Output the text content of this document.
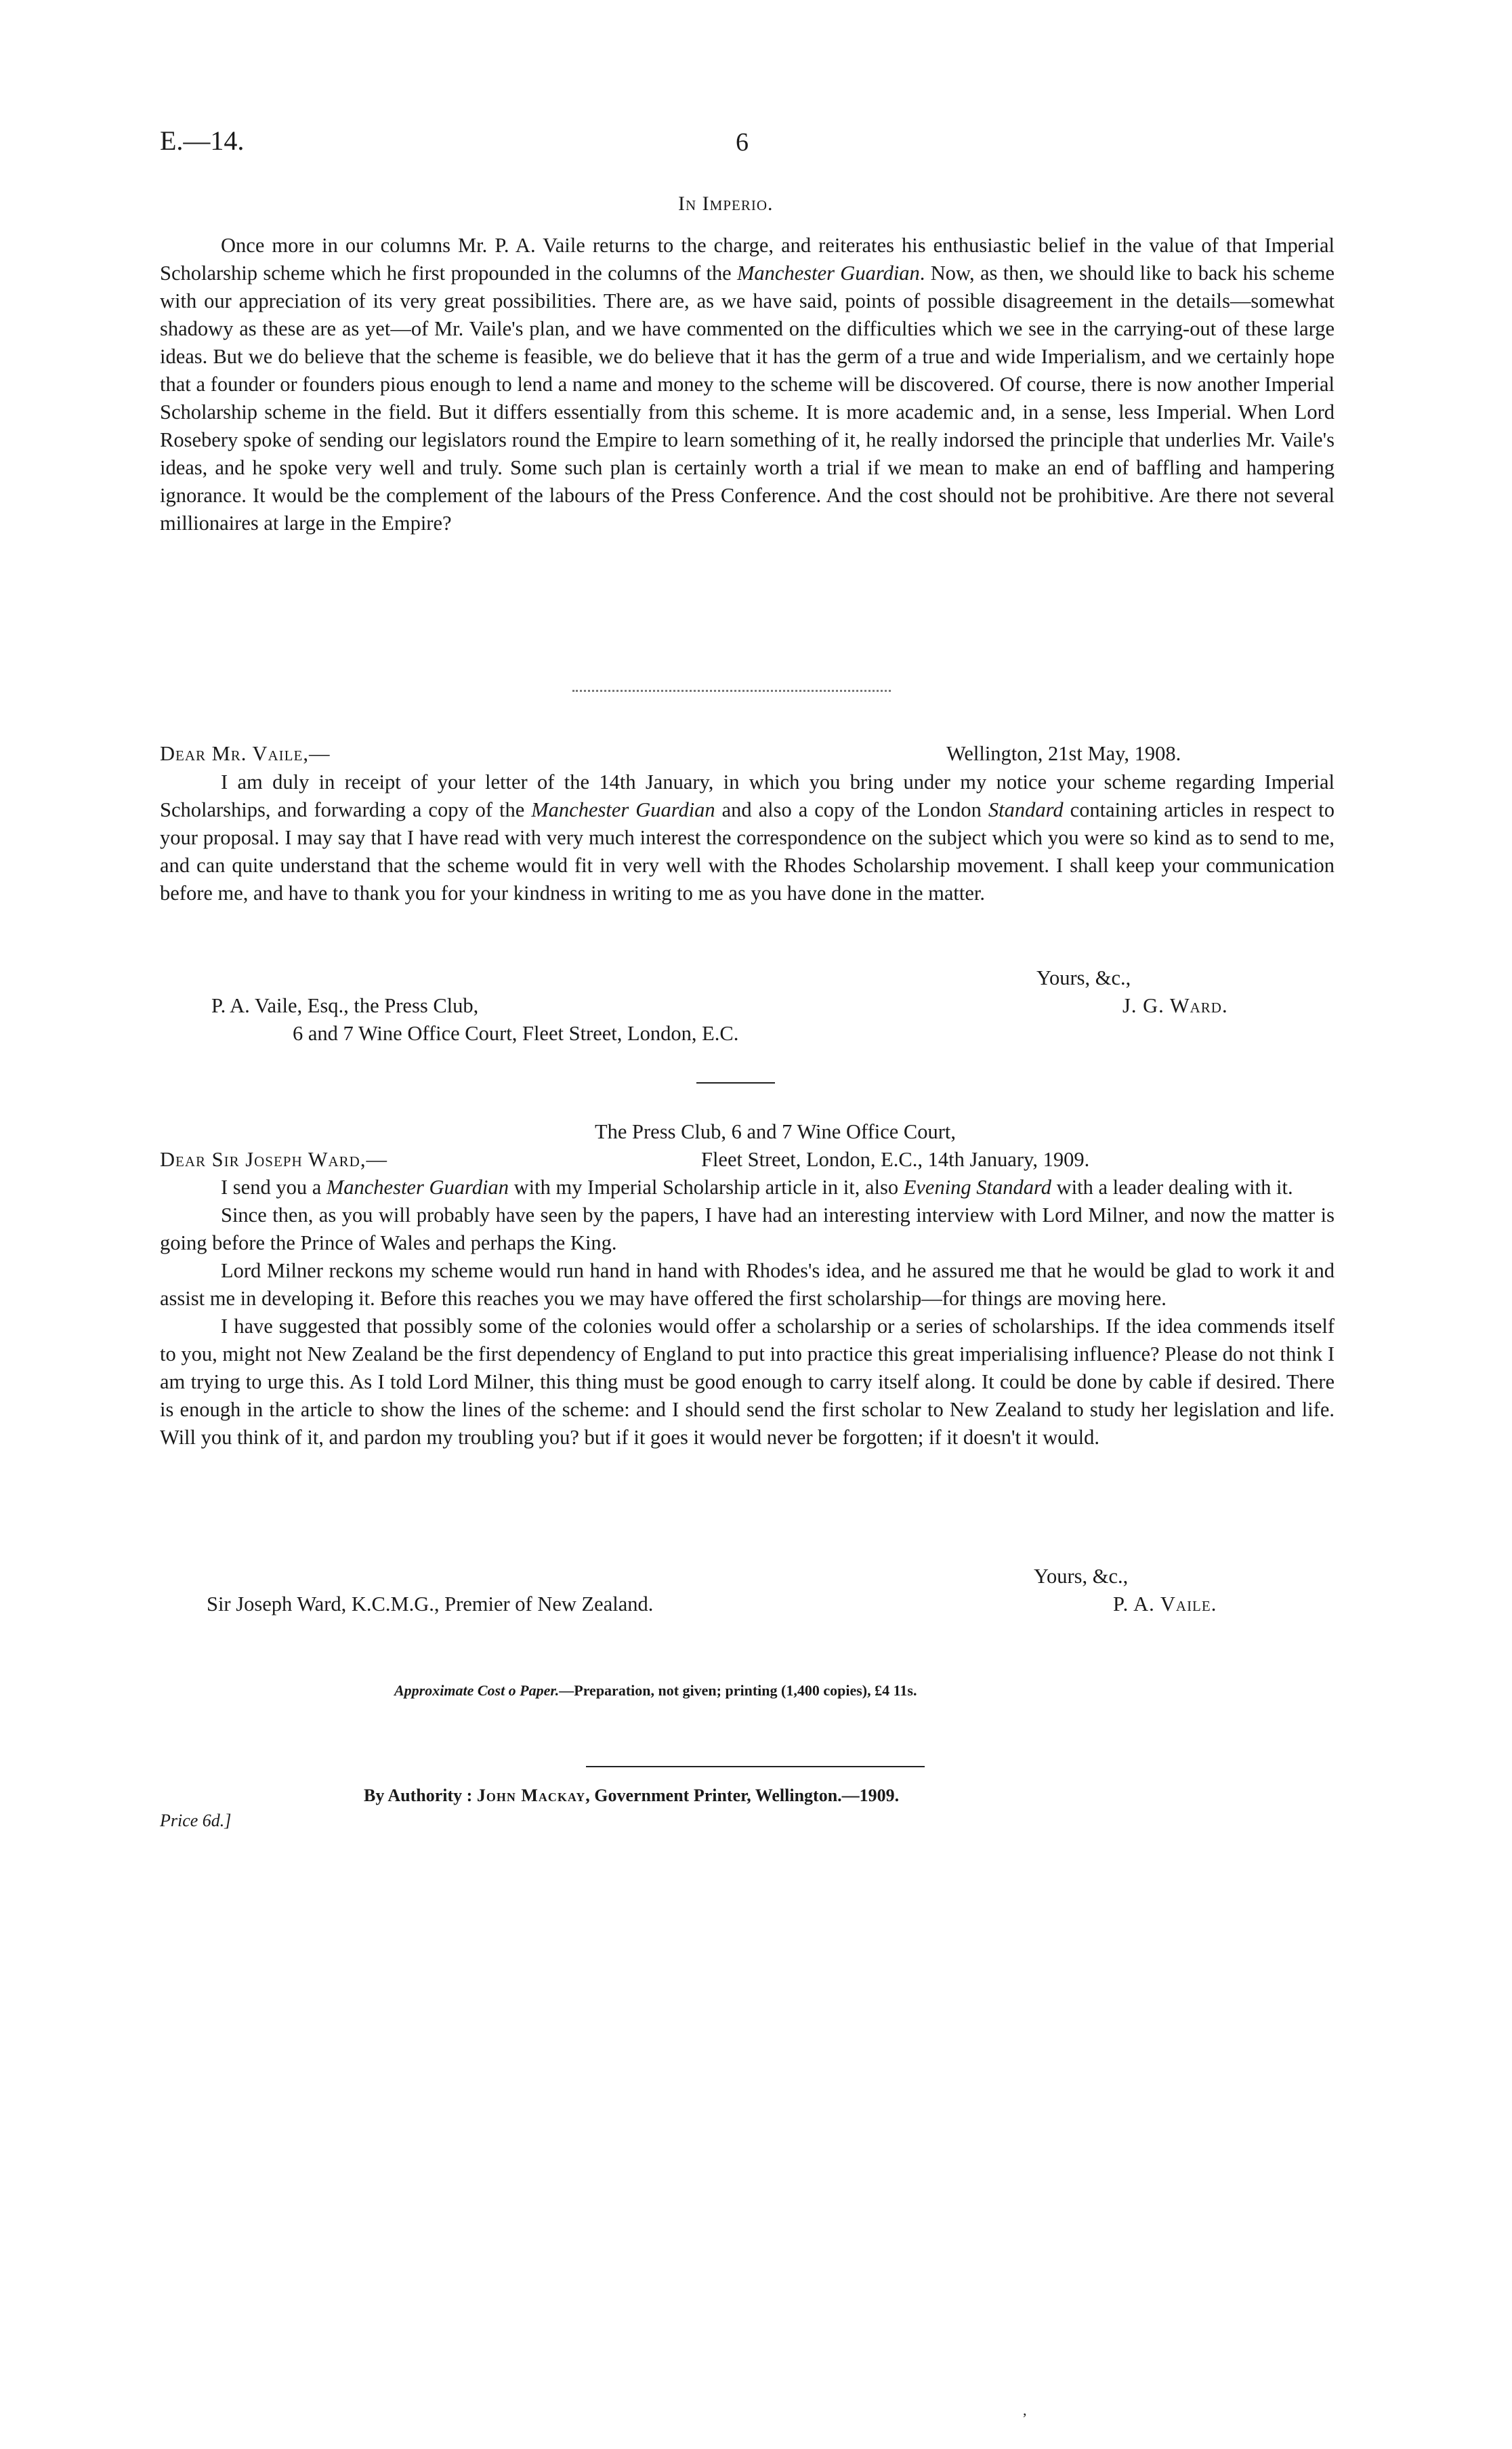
E.—14.	6
In Imperio.

Once more in our columns Mr. P. A. Vaile returns to the charge, and reiterates his enthusiastic belief in the value of that Imperial Scholarship scheme which he first propounded in the columns of the Manchester Guardian. Now, as then, we should like to back his scheme with our appreciation of its very great possibilities. There are, as we have said, points of possible disagreement in the details—somewhat shadowy as these are as yet—of Mr. Vaile's plan, and we have commented on the difficulties which we see in the carrying-out of these large ideas. But we do believe that the scheme is feasible, we do believe that it has the germ of a true and wide Imperialism, and we certainly hope that a founder or founders pious enough to lend a name and money to the scheme will be discovered. Of course, there is now another Imperial Scholarship scheme in the field. But it differs essentially from this scheme. It is more academic and, in a sense, less Imperial. When Lord Rosebery spoke of sending our legislators round the Empire to learn something of it, he really indorsed the principle that underlies Mr. Vaile's ideas, and he spoke very well and truly. Some such plan is certainly worth a trial if we mean to make an end of baffling and hampering ignorance. It would be the complement of the labours of the Press Conference. And the cost should not be prohibitive. Are there not several millionaires at large in the Empire?

Dear Mr. Vaile,—	Wellington, 21st May, 1908.

I am duly in receipt of your letter of the 14th January, in which you bring under my notice your scheme regarding Imperial Scholarships, and forwarding a copy of the Manchester Guardian and also a copy of the London Standard containing articles in respect to your proposal. I may say that I have read with very much interest the correspondence on the subject which you were so kind as to send to me, and can quite understand that the scheme would fit in very well with the Rhodes Scholarship movement. I shall keep your communication before me, and have to thank you for your kindness in writing to me as you have done in the matter.

Yours, &c.,
P. A. Vaile, Esq., the Press Club,	J. G. Ward.
6 and 7 Wine Office Court, Fleet Street, London, E.C.
The Press Club, 6 and 7 Wine Office Court,
Dear Sir Joseph Ward,—	Fleet Street, London, E.C., 14th January, 1909.

I send you a Manchester Guardian with my Imperial Scholarship article in it, also Evening Standard with a leader dealing with it.

Since then, as you will probably have seen by the papers, I have had an interesting interview with Lord Milner, and now the matter is going before the Prince of Wales and perhaps the King.

Lord Milner reckons my scheme would run hand in hand with Rhodes's idea, and he assured me that he would be glad to work it and assist me in developing it. Before this reaches you we may have offered the first scholarship—for things are moving here.

I have suggested that possibly some of the colonies would offer a scholarship or a series of scholarships. If the idea commends itself to you, might not New Zealand be the first dependency of England to put into practice this great imperialising influence? Please do not think I am trying to urge this. As I told Lord Milner, this thing must be good enough to carry itself along. It could be done by cable if desired. There is enough in the article to show the lines of the scheme: and I should send the first scholar to New Zealand to study her legislation and life. Will you think of it, and pardon my troubling you? but if it goes it would never be forgotten; if it doesn't it would.

Yours, &c.,
Sir Joseph Ward, K.C.M.G., Premier of New Zealand.	P. A. Vaile.
Approximate Cost o Paper.—Preparation, not given; printing (1,400 copies), £4 11s.
By Authority : John Mackay, Government Printer, Wellington.—1909.
Price 6d.]
,
